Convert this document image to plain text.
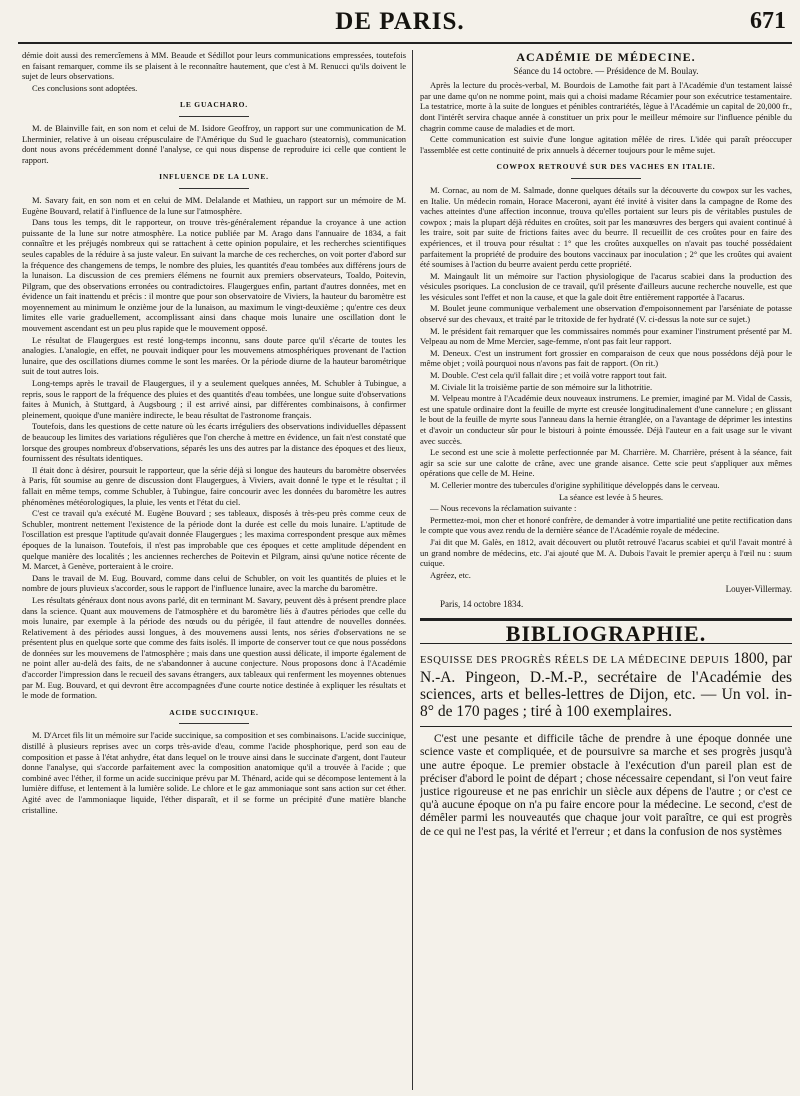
DE PARIS.	671

démie doit aussi des remercîemens à MM. Beaude et Sédillot pour leurs communications empressées, toutefois en faisant remarquer, comme ils se plaisent à le reconnaître hautement, que c'est à M. Renucci qu'ils doivent le sujet de leurs observations.

Ces conclusions sont adoptées.

LE GUACHARO.

M. de Blainville fait, en son nom et celui de M. Isidore Geoffroy, un rapport sur une communication de M. Lherminier, relative à un oiseau crépusculaire de l'Amérique du Sud le guacharo (steatornis), communication dont nous avons précédemment donné l'analyse, ce qui nous dispense de reproduire ici celle que contient le rapport.

INFLUENCE DE LA LUNE.

M. Savary fait, en son nom et en celui de MM. Delalande et Mathieu, un rapport sur un mémoire de M. Eugène Bouvard, relatif à l'influence de la lune sur l'atmosphère.

Dans tous les temps, dit le rapporteur, on trouve très-généralement répandue la croyance à une action puissante de la lune sur notre atmosphère. La notice publiée par M. Arago dans l'annuaire de 1834, a fait connaître et les préjugés nombreux qui se rattachent à cette opinion populaire, et les recherches scientifiques seules capables de la réduire à sa juste valeur. En suivant la marche de ces recherches, on voit porter d'abord sur la fréquence des changemens de temps, le nombre des pluies, les quantités d'eau tombées aux différens jours de la lunaison. La discussion de ces premiers élémens ne fournit aux premiers observateurs, Toaldo, Poitevin, Pilgram, que des observations erronées ou contradictoires. Flaugergues enfin, partant d'autres données, met en évidence un fait inattendu et précis : il montre que pour son observatoire de Viviers, la hauteur du baromètre est moyennement au minimum le onzième jour de la lunaison, au maximum le vingt-deuxième ; qu'entre ces deux limites elle varie graduellement, accomplissant ainsi dans chaque mois lunaire une oscillation dont le mouvement ascendant est un peu plus rapide que le mouvement opposé.

Le résultat de Flaugergues est resté long-temps inconnu, sans doute parce qu'il s'écarte de toutes les analogies. L'analogie, en effet, ne pouvait indiquer pour les mouvemens atmosphériques provenant de l'action lunaire, que des oscillations diurnes comme le sont les marées. Or la période diurne de la hauteur barométrique suit de tout autres lois.

Long-temps après le travail de Flaugergues, il y a seulement quelques années, M. Schubler à Tubingue, a repris, sous le rapport de la fréquence des pluies et des quantités d'eau tombées, une longue suite d'observations faites à Munich, à Stuttgard, à Augsbourg ; il est arrivé ainsi, par différentes combinaisons, à confirmer pleinement, quoique d'une manière indirecte, le beau résultat de l'astronome français.

Toutefois, dans les questions de cette nature où les écarts irréguliers des observations individuelles dépassent de beaucoup les limites des variations régulières que l'on cherche à mettre en évidence, un fait n'est constaté que lorsque des groupes nombreux d'observations, séparés les uns des autres par la distance des époques et des lieux, fournissent des résultats identiques.

Il était donc à désirer, poursuit le rapporteur, que la série déjà si longue des hauteurs du baromètre observées à Paris, fût soumise au genre de discussion dont Flaugergues, à Viviers, avait donné le type et le résultat ; il fallait en même temps, comme Schubler, à Tubingue, faire concourir avec les données du baromètre les autres phénomènes météorologiques, la pluie, les vents et l'état du ciel.

C'est ce travail qu'a exécuté M. Eugène Bouvard ; ses tableaux, disposés à très-peu près comme ceux de Schubler, montrent nettement l'existence de la période dont la durée est celle du mois lunaire. L'aptitude de l'oscillation est presque l'aptitude qu'avait donnée Flaugergues ; les maxima correspondent presque aux mêmes époques de la lunaison. Toutefois, il n'est pas improbable que ces époques et cette amplitude dépendent en quelque manière des localités ; les anciennes recherches de Poitevin et Pilgram, ainsi qu'une notice récente de M. Marcet, à Genève, porteraient à le croire.

Dans le travail de M. Eug. Bouvard, comme dans celui de Schubler, on voit les quantités de pluies et le nombre de jours pluvieux s'accorder, sous le rapport de l'influence lunaire, avec la marche du baromètre.

Les résultats généraux dont nous avons parlé, dit en terminant M. Savary, peuvent dès à présent prendre place dans la science. Quant aux mouvemens de l'atmosphère et du baromètre liés à d'autres périodes que celle du mois lunaire, par exemple à la période des nœuds ou du périgée, il faut attendre de nouvelles données. Relativement à des périodes aussi longues, à des mouvemens aussi lents, nos séries d'observations ne se présentent plus en quelque sorte que comme des faits isolés. Il importe de conserver tout ce que nous possédons de données sur les mouvemens de l'atmosphère ; mais dans une question aussi délicate, il importe également de ne point aller au-delà des faits, de ne s'abandonner à aucune conjecture. Nous proposons donc à l'Académie d'accorder l'impression dans le recueil des savans étrangers, aux tableaux qui renferment les moyennes obtenues par M. Eug. Bouvard, et qui devront être accompagnées d'une courte notice destinée à expliquer les résultats et le mode de formation.

ACIDE SUCCINIQUE.

M. D'Arcet fils lit un mémoire sur l'acide succinique, sa composition et ses combinaisons. L'acide succinique, distillé à plusieurs reprises avec un corps très-avide d'eau, comme l'acide phosphorique, perd son eau de composition et passe à l'état anhydre, état dans lequel on le trouve ainsi dans le succinate d'argent, dont l'auteur donne l'analyse, qui s'accorde parfaitement avec la composition anatomique qu'il a trouvée à l'acide ; que combiné avec l'éther, il forme un acide succinique prévu par M. Thénard, acide qui se décompose lentement à la lumière diffuse, et lentement à la lumière solide. Le chlore et le gaz ammoniaque sont sans action sur cet éther. Agité avec de l'ammoniaque liquide, l'éther disparaît, et il se forme un précipité d'une matière blanche cristalline.

ACADÉMIE DE MÉDECINE.
Séance du 14 octobre. — Présidence de M. Boulay.

Après la lecture du procès-verbal, M. Bourdois de Lamothe fait part à l'Académie d'un testament laissé par une dame qu'on ne nomme point, mais qui a choisi madame Récamier pour son exécutrice testamentaire. La testatrice, morte à la suite de longues et pénibles contrariétés, lègue à l'Académie un capital de 20,000 fr., dont l'intérêt servira chaque année à constituer un prix pour le meilleur mémoire sur l'influence pénible du chagrin comme cause de maladies et de mort.

Cette communication est suivie d'une longue agitation mêlée de rires. L'idée qui paraît préoccuper l'assemblée est cette continuité de prix annuels à décerner toujours pour le même sujet.

COWPOX RETROUVÉ SUR DES VACHES EN ITALIE.

M. Cornac, au nom de M. Salmade, donne quelques détails sur la découverte du cowpox sur les vaches, en Italie. Un médecin romain, Horace Maceroni, ayant été invité à visiter dans la campagne de Rome des vaches atteintes d'une affection inconnue, trouva qu'elles portaient sur leurs pis de véritables pustules de cowpox ; mais la plupart déjà réduites en croûtes, soit par les manœuvres des bergers qui avaient continué à les traire, soit par suite de frictions faites avec du beurre. Il recueillit de ces croûtes pour en faire des expériences, et il trouva pour résultat : 1° que les croûtes auxquelles on n'avait pas touché possédaient parfaitement la propriété de produire des boutons vaccinaux par inoculation ; 2° que les croûtes qui avaient été soumises à l'action du beurre avaient perdu cette propriété.

M. Maingault lit un mémoire sur l'action physiologique de l'acarus scabiei dans la production des vésicules psoriques. La conclusion de ce travail, qu'il présente d'ailleurs aucune recherche nouvelle, est que les vésicules sont l'effet et non la cause, et que la gale doit être entièrement rapportée à l'acarus.

M. Boulet jeune communique verbalement une observation d'empoisonnement par l'arséniate de potasse observé sur des chevaux, et traité par le tritoxide de fer hydraté (V. ci-dessus la note sur ce sujet.)

M. le président fait remarquer que les commissaires nommés pour examiner l'instrument présenté par M. Velpeau au nom de Mme Mercier, sage-femme, n'ont pas fait leur rapport.

M. Deneux. C'est un instrument fort grossier en comparaison de ceux que nous possédons déjà pour le même objet ; voilà pourquoi nous n'avons pas fait de rapport. (On rit.)

M. Double. C'est cela qu'il fallait dire ; et voilà votre rapport tout fait.

M. Civiale lit la troisième partie de son mémoire sur la lithotritie.

M. Velpeau montre à l'Académie deux nouveaux instrumens. Le premier, imaginé par M. Vidal de Cassis, est une spatule ordinaire dont la feuille de myrte est creusée longitudinalement d'une cannelure ; en glissant le bout de la feuille de myrte sous l'anneau dans la hernie étranglée, on a l'avantage de déprimer les intestins et d'avoir un conducteur sûr pour le bistouri à pointe émoussée. Déjà l'auteur en a fait usage sur le vivant avec succès.

Le second est une scie à molette perfectionnée par M. Charrière. M. Charrière, présent à la séance, fait agir sa scie sur une calotte de crâne, avec une grande aisance. Cette scie peut s'appliquer aux mêmes opérations que celle de M. Heine.

M. Cellerier montre des tubercules d'origine syphilitique développés dans le cerveau.

La séance est levée à 5 heures.

— Nous recevons la réclamation suivante :

Permettez-moi, mon cher et honoré confrère, de demander à votre impartialité une petite rectification dans le compte que vous avez rendu de la dernière séance de l'Académie royale de médecine.

J'ai dit que M. Galès, en 1812, avait découvert ou plutôt retrouvé l'acarus scabiei et qu'il l'avait montré à un grand nombre de médecins, etc. J'ai ajouté que M. A. Dubois l'avait le premier aperçu à l'œil nu : suum cuique.

Agréez, etc.

Louyer-Villermay.

Paris, 14 octobre 1834.

BIBLIOGRAPHIE.

ESQUISSE DES PROGRÈS RÉELS DE LA MÉDECINE DEPUIS 1800, par N.-A. Pingeon, D.-M.-P., secrétaire de l'Académie des sciences, arts et belles-lettres de Dijon, etc. — Un vol. in-8° de 170 pages ; tiré à 100 exemplaires.

C'est une pesante et difficile tâche de prendre à une époque donnée une science vaste et compliquée, et de poursuivre sa marche et ses progrès jusqu'à une autre époque. Le premier obstacle à l'exécution d'un pareil plan est de préciser d'abord le point de départ ; chose nécessaire cependant, si l'on veut faire justice rigoureuse et ne pas enrichir un siècle aux dépens de l'autre ; or c'est ce qu'à aucune époque on n'a pu faire encore pour la médecine. Le second, c'est de démêler parmi les nouveautés que chaque jour voit paraître, ce qui est progrès de ce qui ne l'est pas, la vérité et l'erreur ; et dans la confusion de nos systèmes
